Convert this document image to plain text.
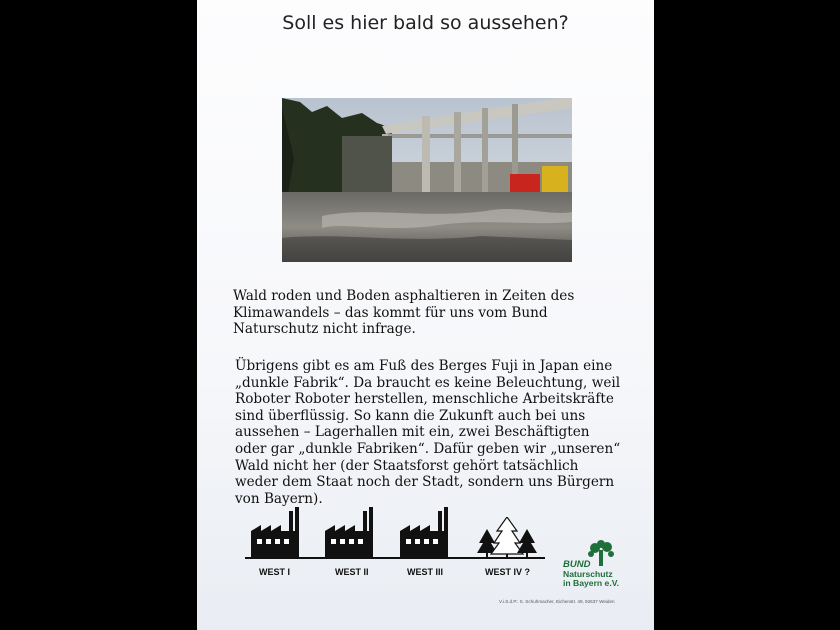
Soll es hier bald so aussehen?
Wald roden und Boden asphaltieren in Zeiten des Klimawandels – das kommt für uns vom Bund Naturschutz nicht infrage.
Übrigens gibt es am Fuß des Berges Fuji in Japan eine „dunkle Fabrik“. Da braucht es keine Beleuchtung, weil Roboter Roboter herstellen, menschliche Arbeitskräfte sind überflüssig. So kann die Zukunft auch bei uns aussehen – Lagerhallen mit ein, zwei Beschäftigten oder gar „dunkle Fabriken“. Dafür geben wir „unseren“ Wald nicht her (der Staatsforst gehört tatsächlich weder dem Staat noch der Stadt, sondern uns Bürgern von Bayern).
WEST I	WEST II	WEST III	WEST IV ?
BUND
Naturschutz
in Bayern e.V.
V.i.S.d.P.: S. Schuhmacher, Eichenstr. 49, 92637 Weiden
